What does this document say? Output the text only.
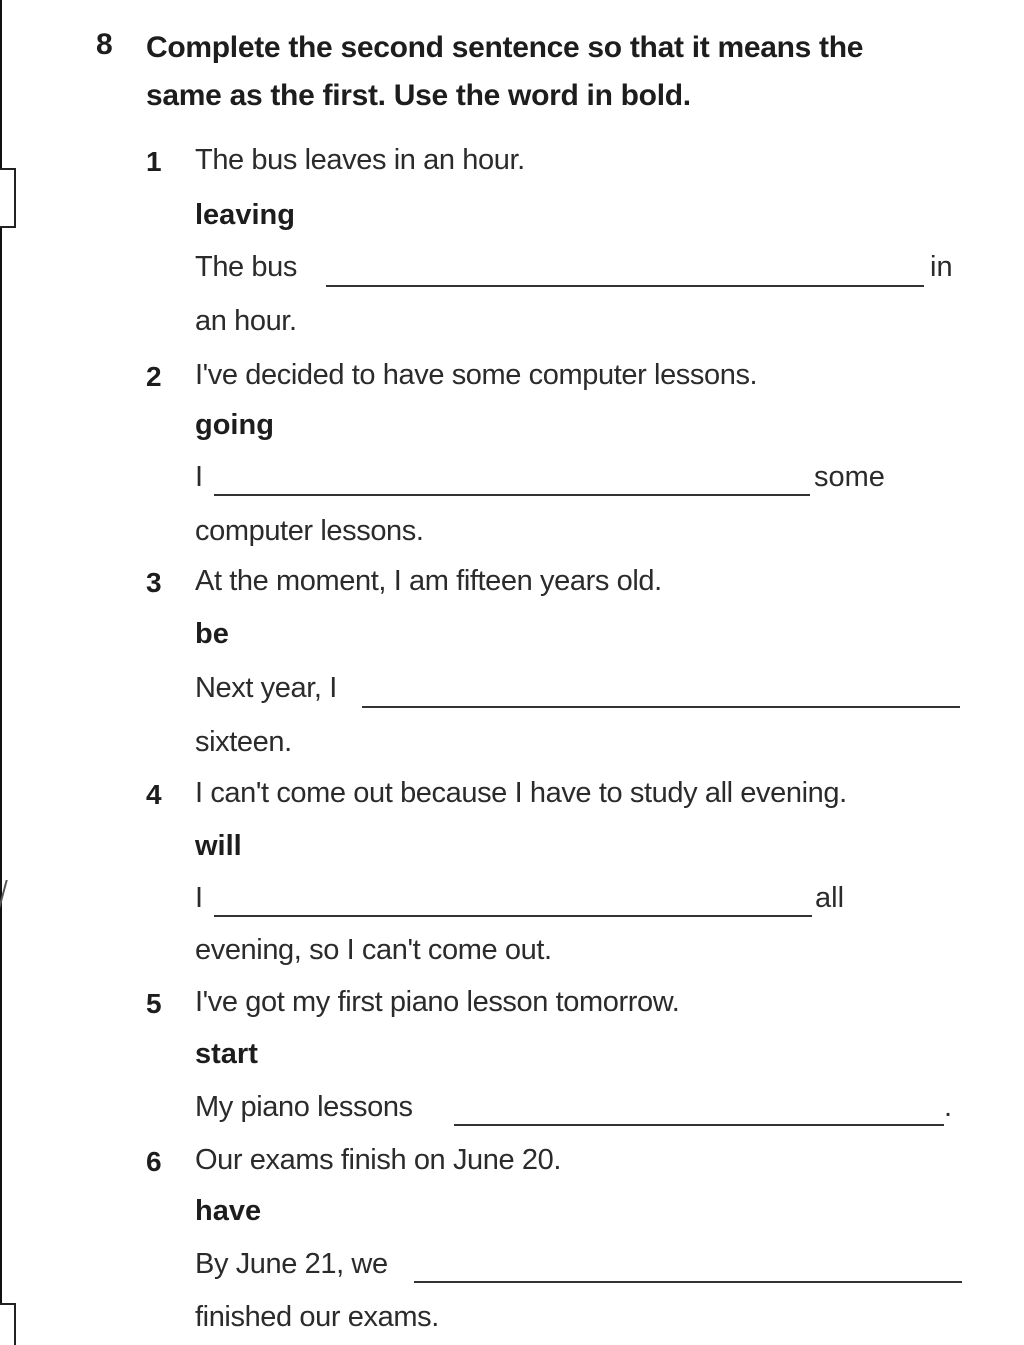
8 Complete the second sentence so that it means the same as the first. Use the word in bold.
1 The bus leaves in an hour.
leaving
The bus	in
an hour.
2 I've decided to have some computer lessons.
going
I	some
computer lessons.
3 At the moment, I am fifteen years old.
be
Next year, I
sixteen.
4 I can't come out because I have to study all evening.
will
I	all
evening, so I can't come out.
5 I've got my first piano lesson tomorrow.
start
My piano lessons	.
6 Our exams finish on June 20.
have
By June 21, we
finished our exams.
